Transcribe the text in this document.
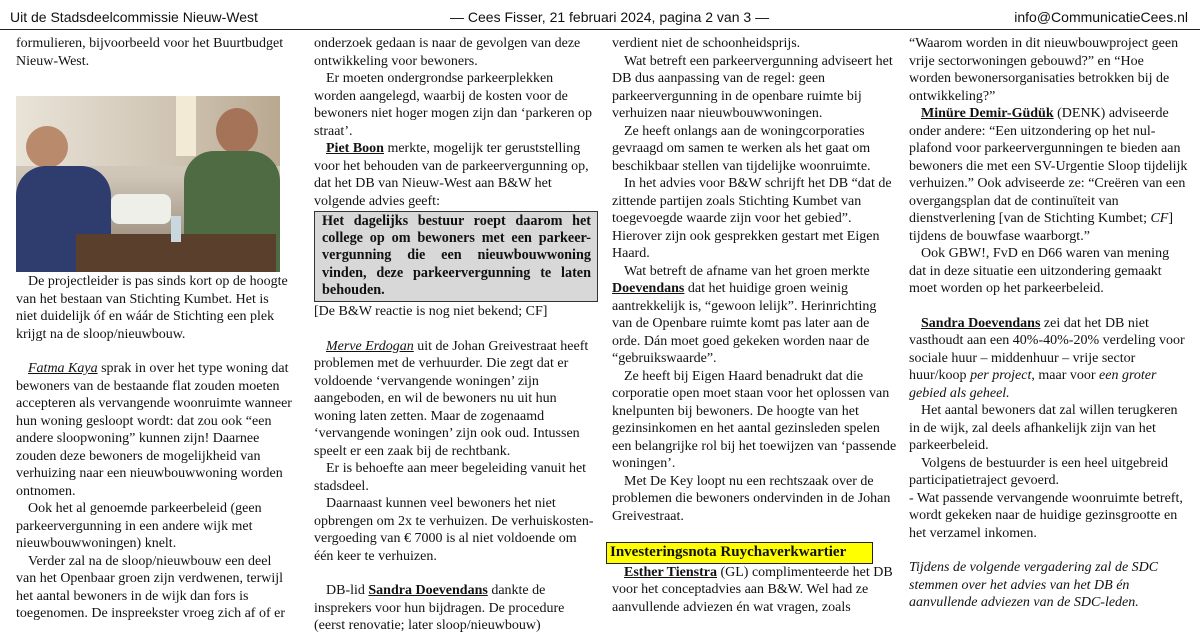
Uit de Stadsdeelcommissie Nieuw-West	— Cees Fisser, 21 februari 2024, pagina 2 van 3 —	info@CommunicatieCees.nl

formulieren, bijvoorbeeld voor het Buurtbudget Nieuw-West.

De projectleider is pas sinds kort op de hoogte van het bestaan van Stichting Kumbet. Het is niet duidelijk óf en wáár de Stichting een plek krijgt na de sloop/nieuwbouw.

Fatma Kaya sprak in over het type woning dat bewoners van de bestaande flat zouden moeten accepteren als vervangende woonruimte wanneer hun woning gesloopt wordt: dat zou ook “een andere sloopwoning” kunnen zijn! Daarnee zouden deze bewoners de mogelijkheid van verhuizing naar een nieuwbouwwoning worden ontnomen.

Ook het al genoemde parkeerbeleid (geen parkeervergunning in een andere wijk met nieuwbouwwoningen) knelt.

Verder zal na de sloop/nieuwbouw een deel van het Openbaar groen zijn verdwenen, terwijl het aantal bewoners in de wijk dan fors is toegenomen. De inspreekster vroeg zich af of er

onderzoek gedaan is naar de gevolgen van deze ontwikkeling voor bewoners.

Er moeten ondergrondse parkeerplekken worden aangelegd, waarbij de kosten voor de bewoners niet hoger mogen zijn dan ‘parkeren op straat’.

Piet Boon merkte, mogelijk ter geruststelling voor het behouden van de parkeervergunning op, dat het DB van Nieuw-West aan B&W het volgende advies geeft:

Het dagelijks bestuur roept daarom het college op om bewoners met een parkeer-vergunning die een nieuwbouwwoning vinden, deze parkeervergunning te laten behouden.

[De B&W reactie is nog niet bekend; CF]

Merve Erdogan uit de Johan Greivestraat heeft problemen met de verhuurder. Die zegt dat er voldoende ‘vervangende woningen’ zijn aangeboden, en wil de bewoners nu uit hun woning laten zetten. Maar de zogenaamd ‘vervangende woningen’ zijn ook oud. Intussen speelt er een zaak bij de rechtbank.

Er is behoefte aan meer begeleiding vanuit het stadsdeel.

Daarnaast kunnen veel bewoners het niet opbrengen om 2x te verhuizen. De verhuiskosten-vergoeding van € 7000 is al niet voldoende om één keer te verhuizen.

DB-lid Sandra Doevendans dankte de insprekers voor hun bijdragen. De procedure (eerst renovatie; later sloop/nieuwbouw)

verdient niet de schoonheidsprijs.

Wat betreft een parkeervergunning adviseert het DB dus aanpassing van de regel: geen parkeervergunning in de openbare ruimte bij verhuizen naar nieuwbouwwoningen.

Ze heeft onlangs aan de woningcorporaties gevraagd om samen te werken als het gaat om beschikbaar stellen van tijdelijke woonruimte.

In het advies voor B&W schrijft het DB “dat de zittende partijen zoals Stichting Kumbet van toegevoegde waarde zijn voor het gebied”. Hierover zijn ook gesprekken gestart met Eigen Haard.

Wat betreft de afname van het groen merkte Doevendans dat het huidige groen weinig aantrekkelijk is, “gewoon lelijk”. Herinrichting van de Openbare ruimte komt pas later aan de orde. Dán moet goed gekeken worden naar de “gebruikswaarde”.

Ze heeft bij Eigen Haard benadrukt dat die corporatie open moet staan voor het oplossen van knelpunten bij bewoners. De hoogte van het gezinsinkomen en het aantal gezinsleden spelen een belangrijke rol bij het toewijzen van ‘passende woningen’.

Met De Key loopt nu een rechtszaak over de problemen die bewoners ondervinden in de Johan Greivestraat.

Investeringsnota Ruychaverkwartier

Esther Tienstra (GL) complimenteerde het DB voor het conceptadvies aan B&W. Wel had ze aanvullende adviezen én wat vragen, zoals

“Waarom worden in dit nieuwbouwproject geen vrije sectorwoningen gebouwd?” en “Hoe worden bewonersorganisaties betrokken bij de ontwikkeling?”

Minüre Demir-Güdük (DENK) adviseerde onder andere: “Een uitzondering op het nul-plafond voor parkeervergunningen te bieden aan bewoners die met een SV-Urgentie Sloop tijdelijk verhuizen.” Ook adviseerde ze: “Creëren van een overgangsplan dat de continuïteit van dienstverlening [van de Stichting Kumbet; CF] tijdens de bouwfase waarborgt.”

Ook GBW!, FvD en D66 waren van mening dat in deze situatie een uitzondering gemaakt moet worden op het parkeerbeleid.

Sandra Doevendans zei dat het DB niet vasthoudt aan een 40%-40%-20% verdeling voor sociale huur – middenhuur – vrije sector huur/koop per project, maar voor een groter gebied als geheel.

Het aantal bewoners dat zal willen terugkeren in de wijk, zal deels afhankelijk zijn van het parkeerbeleid.

Volgens de bestuurder is een heel uitgebreid participatietraject gevoerd.

- Wat passende vervangende woonruimte betreft, wordt gekeken naar de huidige gezinsgrootte en het verzamel inkomen.

Tijdens de volgende vergadering zal de SDC stemmen over het advies van het DB én aanvullende adviezen van de SDC-leden.
